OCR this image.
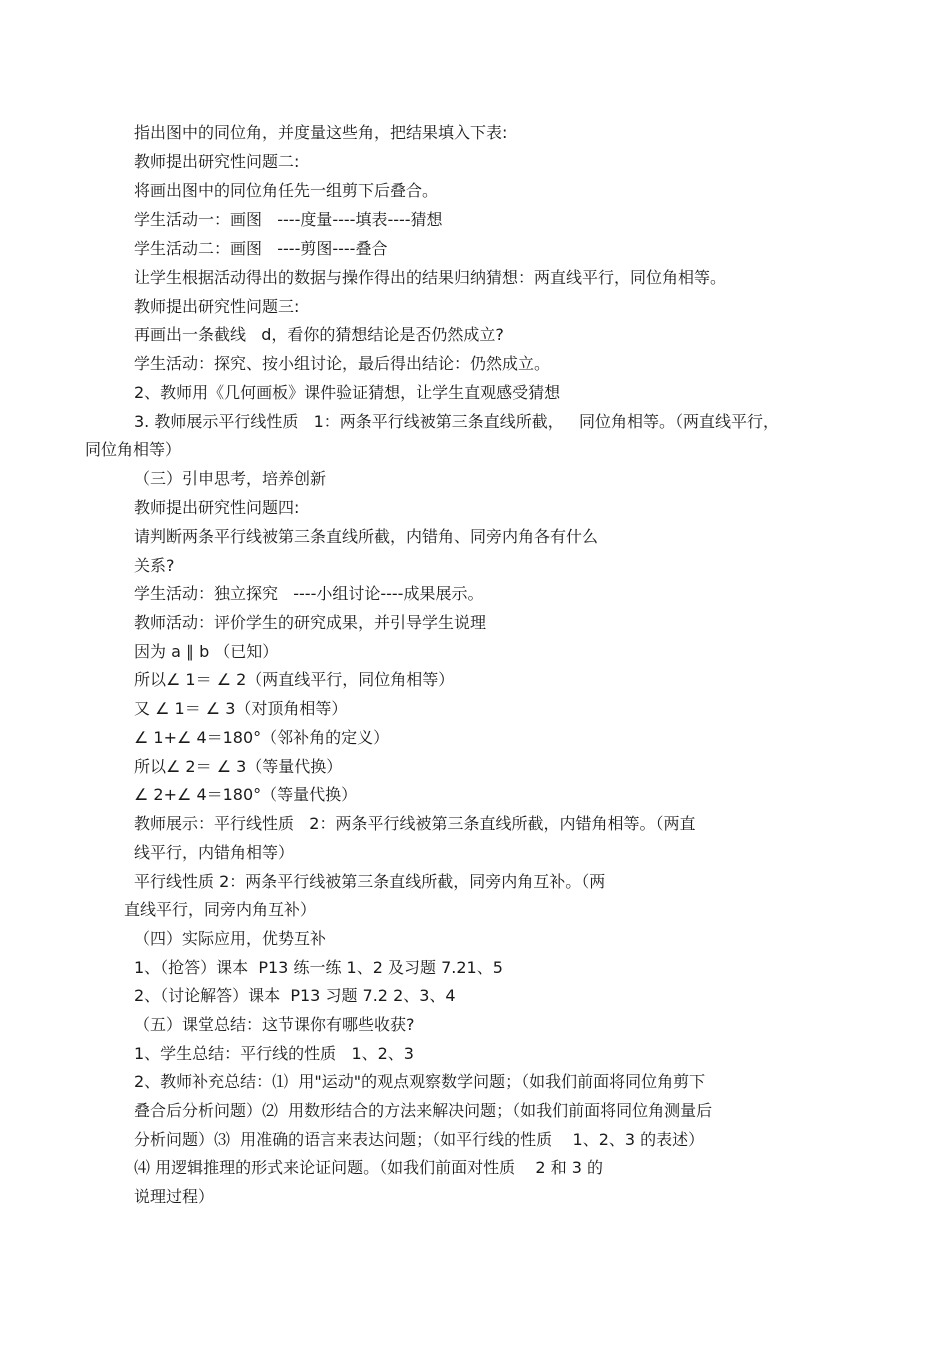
指出图中的同位角，并度量这些角，把结果填入下表:

教师提出研究性问题二:

将画出图中的同位角任先一组剪下后叠合。

学生活动一：画图   ----度量----填表----猜想

学生活动二：画图   ----剪图----叠合

让学生根据活动得出的数据与操作得出的结果归纳猜想：两直线平行，同位角相等。

教师提出研究性问题三:

再画出一条截线   d，看你的猜想结论是否仍然成立?

学生活动：探究、按小组讨论，最后得出结论：仍然成立。

2、教师用《几何画板》课件验证猜想，让学生直观感受猜想

3. 教师展示平行线性质   1：两条平行线被第三条直线所截，   同位角相等。（两直线平行，

同位角相等）

（三）引申思考，培养创新

教师提出研究性问题四:

请判断两条平行线被第三条直线所截，内错角、同旁内角各有什么

关系?

学生活动：独立探究   ----小组讨论----成果展示。

教师活动：评价学生的研究成果，并引导学生说理

因为 a ∥ b （已知）

所以∠ 1＝ ∠ 2（两直线平行，同位角相等）

又 ∠ 1＝ ∠ 3（对顶角相等）

∠ 1+∠ 4＝180°（邻补角的定义）

所以∠ 2＝ ∠ 3（等量代换）

∠ 2+∠ 4＝180°（等量代换）

教师展示：平行线性质   2：两条平行线被第三条直线所截，内错角相等。（两直

线平行，内错角相等）

平行线性质 2：两条平行线被第三条直线所截，同旁内角互补。（两

直线平行，同旁内角互补）

（四）实际应用，优势互补

1、（抢答）课本  P13 练一练 1、2 及习题 7.21、5

2、（讨论解答）课本  P13 习题 7.2 2、3、4

（五）课堂总结：这节课你有哪些收获?

1、学生总结：平行线的性质   1、2、3

2、教师补充总结：⑴  用"运动"的观点观察数学问题；（如我们前面将同位角剪下

叠合后分析问题）⑵  用数形结合的方法来解决问题；（如我们前面将同位角测量后

分析问题）⑶  用准确的语言来表达问题；（如平行线的性质    1、2、3 的表述）

⑷ 用逻辑推理的形式来论证问题。（如我们前面对性质    2 和 3 的

说理过程）
